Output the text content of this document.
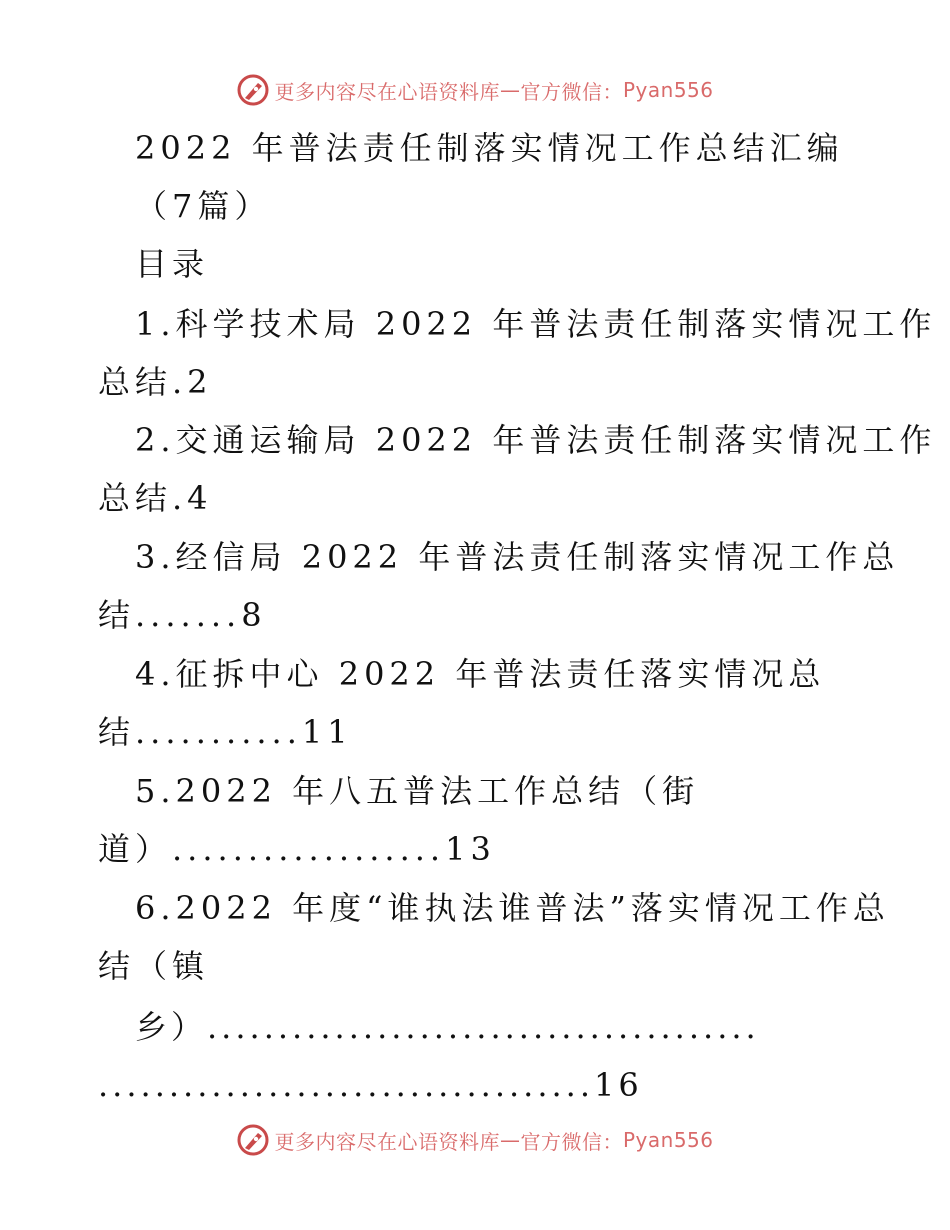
更多内容尽在心语资料库 — 官方微信： Pyan556
2022 年普法责任制落实情况工作总结汇编
（7篇）
目录
1.科学技术局 2022 年普法责任制落实情况工作
总结.2
2.交通运输局 2022 年普法责任制落实情况工作
总结.4
3.经信局 2022 年普法责任制落实情况工作总
结.......8
4.征拆中心 2022 年普法责任落实情况总
结...........11
5.2022 年八五普法工作总结（街
道）..................13
6.2022 年度“谁执法谁普法”落实情况工作总
结（镇
乡）.......................................
...................................16
更多内容尽在心语资料库 — 官方微信： Pyan556
